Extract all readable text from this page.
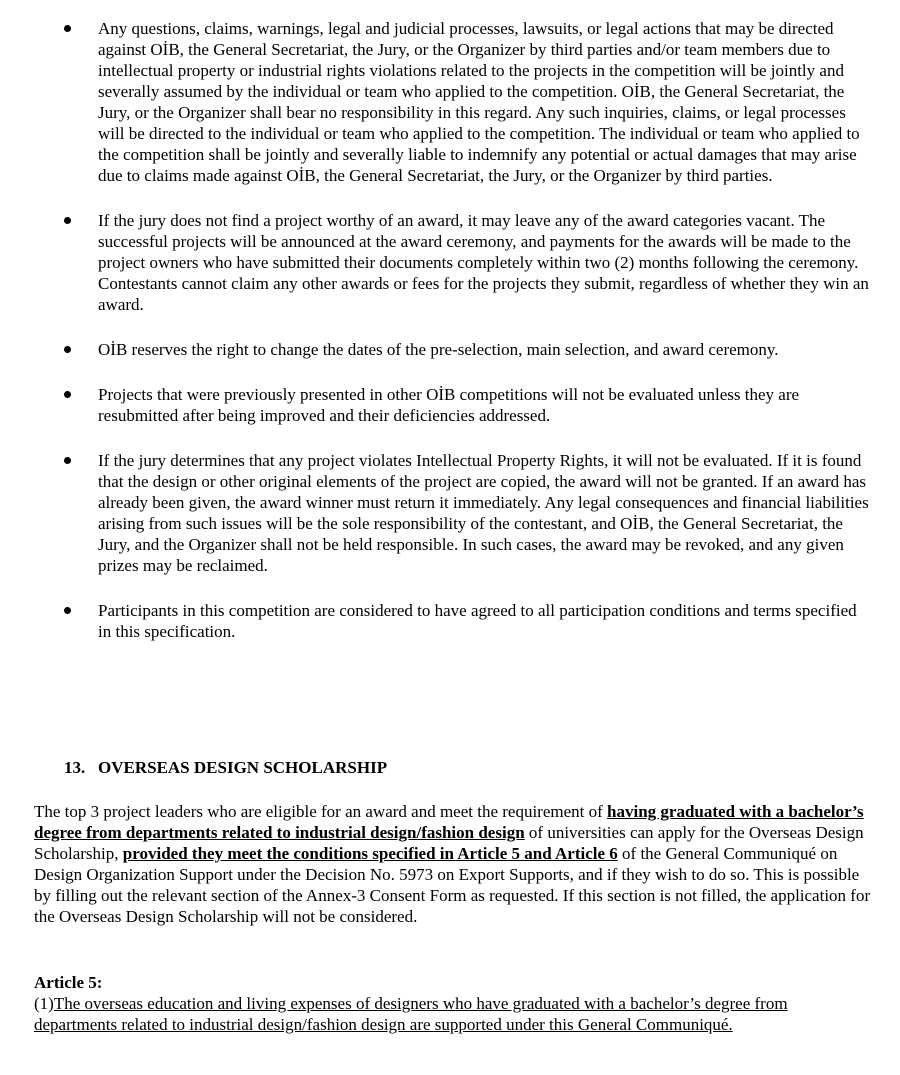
Any questions, claims, warnings, legal and judicial processes, lawsuits, or legal actions that may be directed against OİB, the General Secretariat, the Jury, or the Organizer by third parties and/or team members due to intellectual property or industrial rights violations related to the projects in the competition will be jointly and severally assumed by the individual or team who applied to the competition. OİB, the General Secretariat, the Jury, or the Organizer shall bear no responsibility in this regard. Any such inquiries, claims, or legal processes will be directed to the individual or team who applied to the competition. The individual or team who applied to the competition shall be jointly and severally liable to indemnify any potential or actual damages that may arise due to claims made against OİB, the General Secretariat, the Jury, or the Organizer by third parties.
If the jury does not find a project worthy of an award, it may leave any of the award categories vacant. The successful projects will be announced at the award ceremony, and payments for the awards will be made to the project owners who have submitted their documents completely within two (2) months following the ceremony. Contestants cannot claim any other awards or fees for the projects they submit, regardless of whether they win an award.
OİB reserves the right to change the dates of the pre-selection, main selection, and award ceremony.
Projects that were previously presented in other OİB competitions will not be evaluated unless they are resubmitted after being improved and their deficiencies addressed.
If the jury determines that any project violates Intellectual Property Rights, it will not be evaluated. If it is found that the design or other original elements of the project are copied, the award will not be granted. If an award has already been given, the award winner must return it immediately. Any legal consequences and financial liabilities arising from such issues will be the sole responsibility of the contestant, and OİB, the General Secretariat, the Jury, and the Organizer shall not be held responsible. In such cases, the award may be revoked, and any given prizes may be reclaimed.
Participants in this competition are considered to have agreed to all participation conditions and terms specified in this specification.
13. OVERSEAS DESIGN SCHOLARSHIP

The top 3 project leaders who are eligible for an award and meet the requirement of having graduated with a bachelor’s degree from departments related to industrial design/fashion design of universities can apply for the Overseas Design Scholarship, provided they meet the conditions specified in Article 5 and Article 6 of the General Communiqué on Design Organization Support under the Decision No. 5973 on Export Supports, and if they wish to do so. This is possible by filling out the relevant section of the Annex-3 Consent Form as requested. If this section is not filled, the application for the Overseas Design Scholarship will not be considered.

Article 5:
(1)The overseas education and living expenses of designers who have graduated with a bachelor’s degree from departments related to industrial design/fashion design are supported under this General Communiqué.
